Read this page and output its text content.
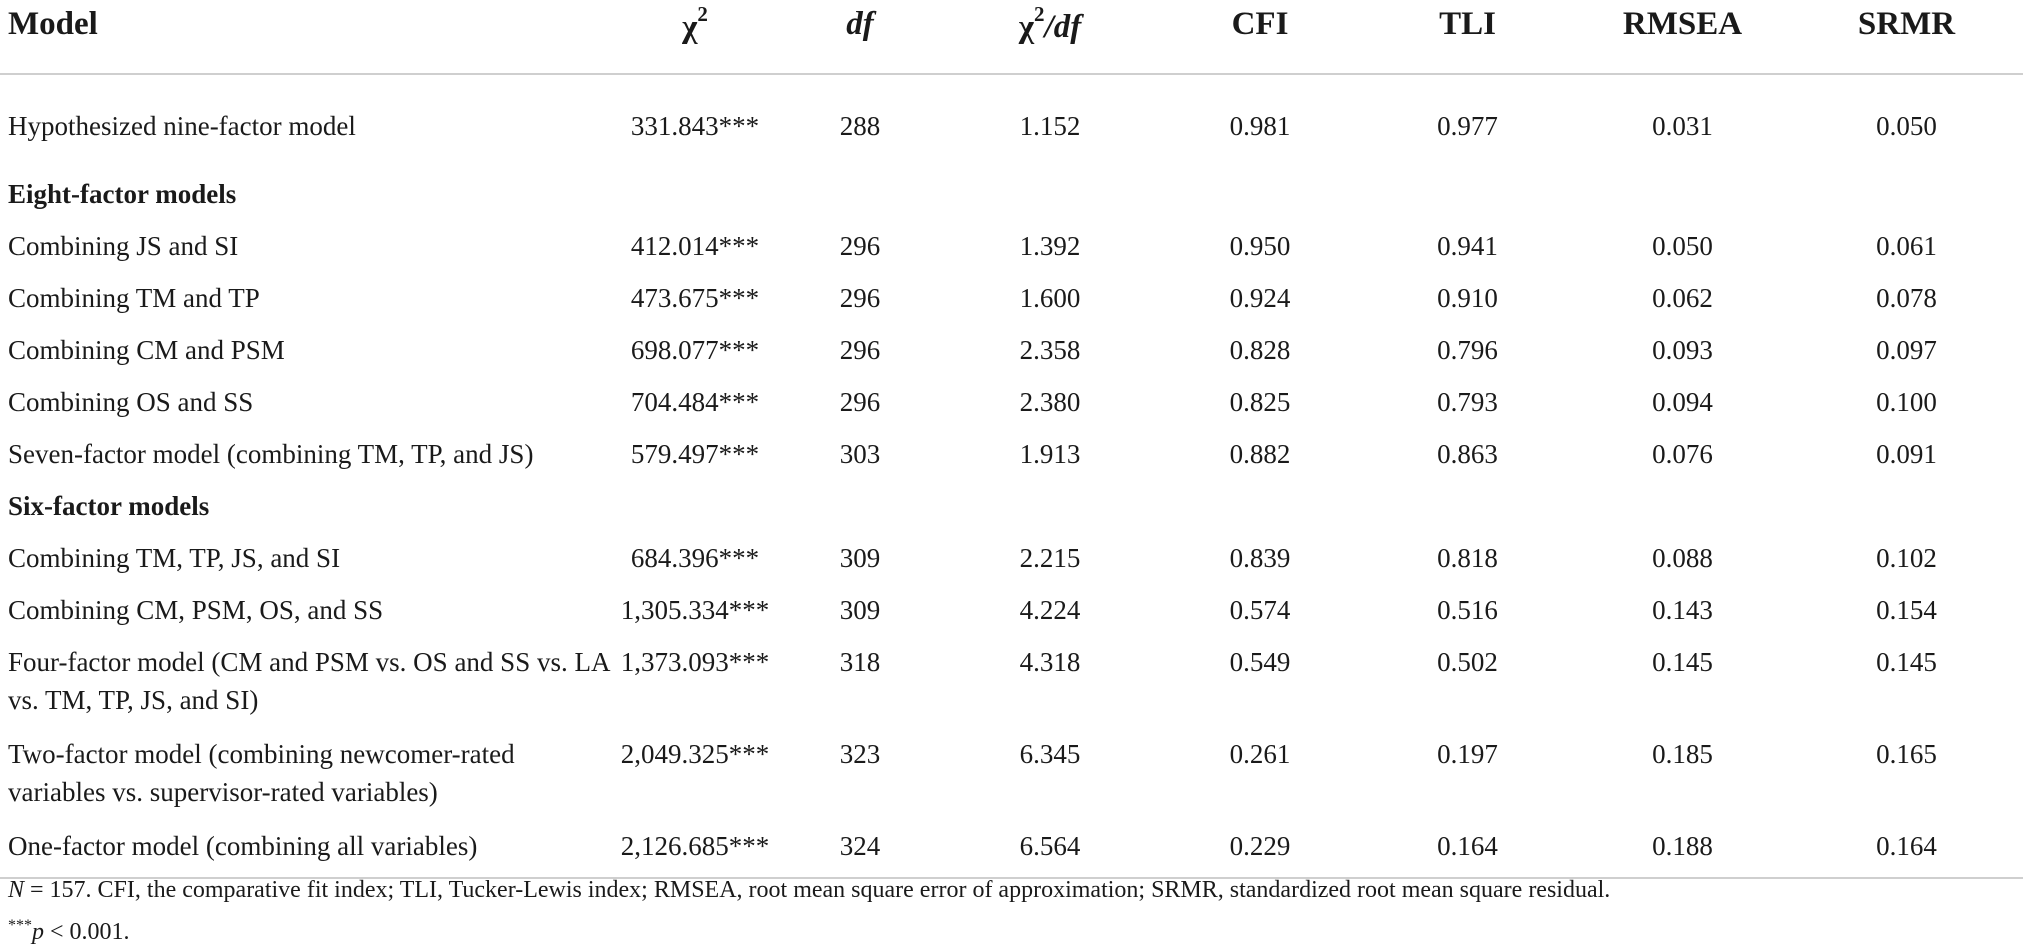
Model	$\chi^2$	df	$\chi^2/df$	CFI	TLI	RMSEA	SRMR
Hypothesized nine-factor model	331.843***	288	1.152	0.981	0.977	0.031	0.050
Eight-factor models							
Combining JS and SI	412.014***	296	1.392	0.950	0.941	0.050	0.061
Combining TM and TP	473.675***	296	1.600	0.924	0.910	0.062	0.078
Combining CM and PSM	698.077***	296	2.358	0.828	0.796	0.093	0.097
Combining OS and SS	704.484***	296	2.380	0.825	0.793	0.094	0.100
Seven-factor model (combining TM, TP, and JS)	579.497***	303	1.913	0.882	0.863	0.076	0.091
Six-factor models							
Combining TM, TP, JS, and SI	684.396***	309	2.215	0.839	0.818	0.088	0.102
Combining CM, PSM, OS, and SS	1,305.334***	309	4.224	0.574	0.516	0.143	0.154
Four-factor model (CM and PSM vs. OS and SS vs. LA vs. TM, TP, JS, and SI)	1,373.093***	318	4.318	0.549	0.502	0.145	0.145
Two-factor model (combining newcomer-rated variables vs. supervisor-rated variables)	2,049.325***	323	6.345	0.261	0.197	0.185	0.165
One-factor model (combining all variables)	2,126.685***	324	6.564	0.229	0.164	0.188	0.164
N = 157. CFI, the comparative fit index; TLI, Tucker-Lewis index; RMSEA, root mean square error of approximation; SRMR, standardized root mean square residual.
***p < 0.001.
